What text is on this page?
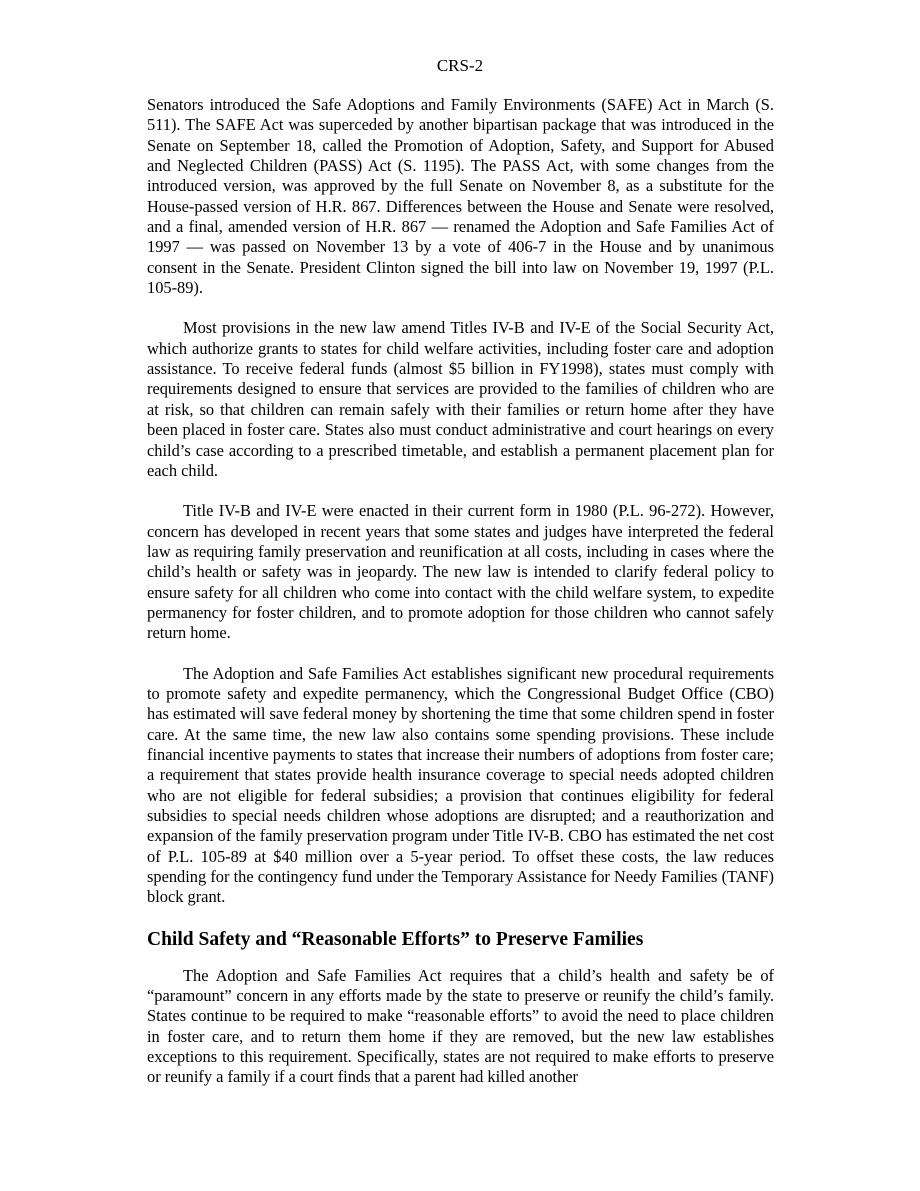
CRS-2

Senators introduced the Safe Adoptions and Family Environments (SAFE) Act in March (S. 511). The SAFE Act was superceded by another bipartisan package that was introduced in the Senate on September 18, called the Promotion of Adoption, Safety, and Support for Abused and Neglected Children (PASS) Act (S. 1195). The PASS Act, with some changes from the introduced version, was approved by the full Senate on November 8, as a substitute for the House-passed version of H.R. 867. Differences between the House and Senate were resolved, and a final, amended version of H.R. 867 — renamed the Adoption and Safe Families Act of 1997 — was passed on November 13 by a vote of 406-7 in the House and by unanimous consent in the Senate. President Clinton signed the bill into law on November 19, 1997 (P.L. 105-89).

Most provisions in the new law amend Titles IV-B and IV-E of the Social Security Act, which authorize grants to states for child welfare activities, including foster care and adoption assistance. To receive federal funds (almost $5 billion in FY1998), states must comply with requirements designed to ensure that services are provided to the families of children who are at risk, so that children can remain safely with their families or return home after they have been placed in foster care. States also must conduct administrative and court hearings on every child’s case according to a prescribed timetable, and establish a permanent placement plan for each child.

Title IV-B and IV-E were enacted in their current form in 1980 (P.L. 96-272). However, concern has developed in recent years that some states and judges have interpreted the federal law as requiring family preservation and reunification at all costs, including in cases where the child’s health or safety was in jeopardy. The new law is intended to clarify federal policy to ensure safety for all children who come into contact with the child welfare system, to expedite permanency for foster children, and to promote adoption for those children who cannot safely return home.

The Adoption and Safe Families Act establishes significant new procedural requirements to promote safety and expedite permanency, which the Congressional Budget Office (CBO) has estimated will save federal money by shortening the time that some children spend in foster care. At the same time, the new law also contains some spending provisions. These include financial incentive payments to states that increase their numbers of adoptions from foster care; a requirement that states provide health insurance coverage to special needs adopted children who are not eligible for federal subsidies; a provision that continues eligibility for federal subsidies to special needs children whose adoptions are disrupted; and a reauthorization and expansion of the family preservation program under Title IV-B. CBO has estimated the net cost of P.L. 105-89 at $40 million over a 5-year period. To offset these costs, the law reduces spending for the contingency fund under the Temporary Assistance for Needy Families (TANF) block grant.

Child Safety and “Reasonable Efforts” to Preserve Families

The Adoption and Safe Families Act requires that a child’s health and safety be of “paramount” concern in any efforts made by the state to preserve or reunify the child’s family. States continue to be required to make “reasonable efforts” to avoid the need to place children in foster care, and to return them home if they are removed, but the new law establishes exceptions to this requirement. Specifically, states are not required to make efforts to preserve or reunify a family if a court finds that a parent had killed another
